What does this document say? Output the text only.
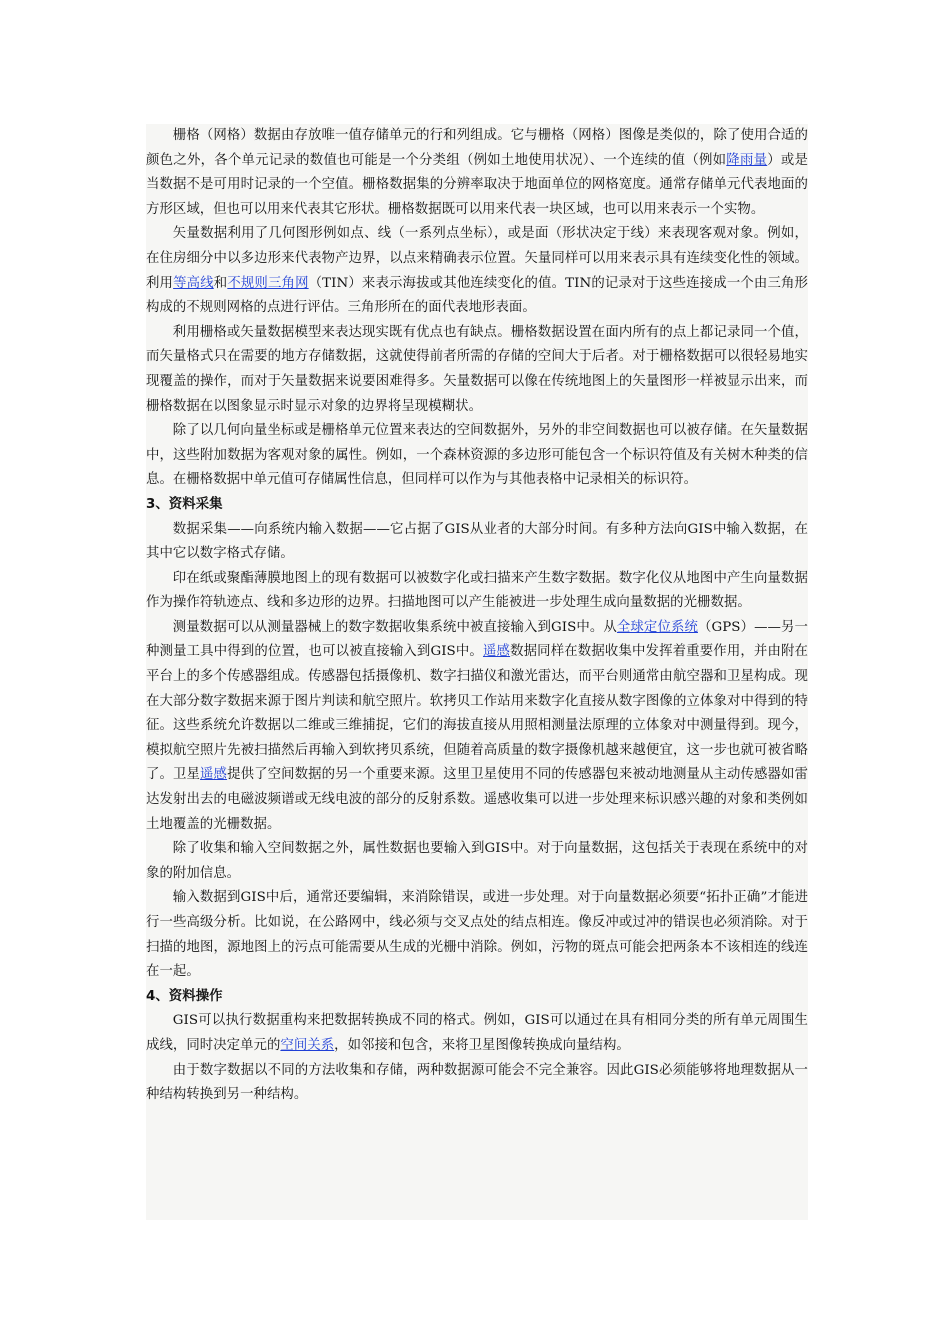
栅格（网格）数据由存放唯一值存储单元的行和列组成。它与栅格（网格）图像是类似的，除了使用合适的颜色之外，各个单元记录的数值也可能是一个分类组（例如土地使用状况）、一个连续的值（例如降雨量）或是当数据不是可用时记录的一个空值。栅格数据集的分辨率取决于地面单位的网格宽度。通常存储单元代表地面的方形区域，但也可以用来代表其它形状。栅格数据既可以用来代表一块区域，也可以用来表示一个实物。

矢量数据利用了几何图形例如点、线（一系列点坐标），或是面（形状决定于线）来表现客观对象。例如，在住房细分中以多边形来代表物产边界，以点来精确表示位置。矢量同样可以用来表示具有连续变化性的领域。利用等高线和不规则三角网（TIN）来表示海拔或其他连续变化的值。TIN的记录对于这些连接成一个由三角形构成的不规则网格的点进行评估。三角形所在的面代表地形表面。

利用栅格或矢量数据模型来表达现实既有优点也有缺点。栅格数据设置在面内所有的点上都记录同一个值，而矢量格式只在需要的地方存储数据，这就使得前者所需的存储的空间大于后者。对于栅格数据可以很轻易地实现覆盖的操作，而对于矢量数据来说要困难得多。矢量数据可以像在传统地图上的矢量图形一样被显示出来，而栅格数据在以图象显示时显示对象的边界将呈现模糊状。

除了以几何向量坐标或是栅格单元位置来表达的空间数据外，另外的非空间数据也可以被存储。在矢量数据中，这些附加数据为客观对象的属性。例如，一个森林资源的多边形可能包含一个标识符值及有关树木种类的信息。在栅格数据中单元值可存储属性信息，但同样可以作为与其他表格中记录相关的标识符。

3、资料采集

数据采集——向系统内输入数据——它占据了GIS从业者的大部分时间。有多种方法向GIS中输入数据，在其中它以数字格式存储。

印在纸或聚酯薄膜地图上的现有数据可以被数字化或扫描来产生数字数据。数字化仪从地图中产生向量数据作为操作符轨迹点、线和多边形的边界。扫描地图可以产生能被进一步处理生成向量数据的光栅数据。

测量数据可以从测量器械上的数字数据收集系统中被直接输入到GIS中。从全球定位系统（GPS）——另一种测量工具中得到的位置，也可以被直接输入到GIS中。遥感数据同样在数据收集中发挥着重要作用，并由附在平台上的多个传感器组成。传感器包括摄像机、数字扫描仪和激光雷达，而平台则通常由航空器和卫星构成。现在大部分数字数据来源于图片判读和航空照片。软拷贝工作站用来数字化直接从数字图像的立体象对中得到的特征。这些系统允许数据以二维或三维捕捉，它们的海拔直接从用照相测量法原理的立体象对中测量得到。现今，模拟航空照片先被扫描然后再输入到软拷贝系统，但随着高质量的数字摄像机越来越便宜，这一步也就可被省略了。卫星遥感提供了空间数据的另一个重要来源。这里卫星使用不同的传感器包来被动地测量从主动传感器如雷达发射出去的电磁波频谱或无线电波的部分的反射系数。遥感收集可以进一步处理来标识感兴趣的对象和类例如土地覆盖的光栅数据。

除了收集和输入空间数据之外，属性数据也要输入到GIS中。对于向量数据，这包括关于表现在系统中的对象的附加信息。

输入数据到GIS中后，通常还要编辑，来消除错误，或进一步处理。对于向量数据必须要“拓扑正确”才能进行一些高级分析。比如说，在公路网中，线必须与交叉点处的结点相连。像反冲或过冲的错误也必须消除。对于扫描的地图，源地图上的污点可能需要从生成的光栅中消除。例如，污物的斑点可能会把两条本不该相连的线连在一起。

4、资料操作

GIS可以执行数据重构来把数据转换成不同的格式。例如，GIS可以通过在具有相同分类的所有单元周围生成线，同时决定单元的空间关系，如邻接和包含，来将卫星图像转换成向量结构。

由于数字数据以不同的方法收集和存储，两种数据源可能会不完全兼容。因此GIS必须能够将地理数据从一种结构转换到另一种结构。
